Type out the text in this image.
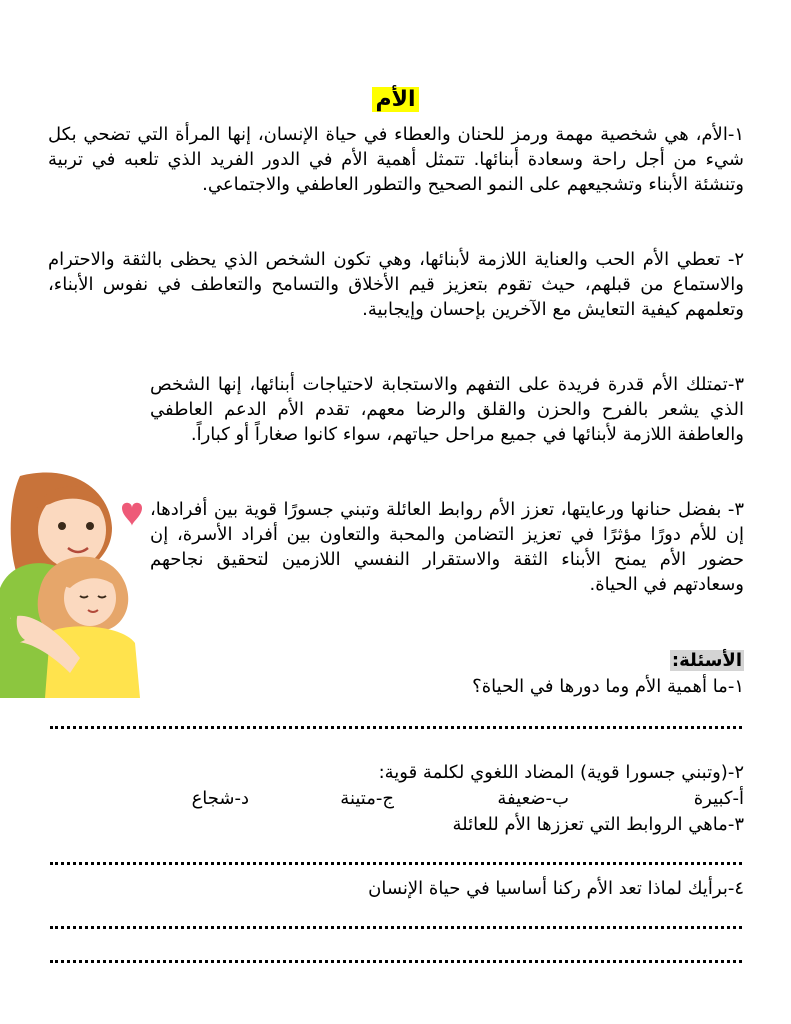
الأم

١-الأم، هي شخصية مهمة ورمز للحنان والعطاء في حياة الإنسان، إنها المرأة التي تضحي بكل شيء من أجل راحة وسعادة أبنائها. تتمثل أهمية الأم في الدور الفريد الذي تلعبه في تربية وتنشئة الأبناء وتشجيعهم على النمو الصحيح والتطور العاطفي والاجتماعي.

٢- تعطي الأم الحب والعناية اللازمة لأبنائها، وهي تكون الشخص الذي يحظى بالثقة والاحترام والاستماع من قبلهم، حيث تقوم بتعزيز قيم الأخلاق والتسامح والتعاطف في نفوس الأبناء، وتعلمهم كيفية التعايش مع الآخرين بإحسان وإيجابية.

٣-تمتلك الأم قدرة فريدة على التفهم والاستجابة لاحتياجات أبنائها، إنها الشخص الذي يشعر بالفرح والحزن والقلق والرضا معهم، تقدم الأم الدعم العاطفي والعاطفة اللازمة لأبنائها في جميع مراحل حياتهم، سواء كانوا صغاراً أو كباراً.

٣- بفضل حنانها ورعايتها، تعزز الأم روابط العائلة وتبني جسورًا قوية بين أفرادها، إن للأم دورًا مؤثرًا في تعزيز التضامن والمحبة والتعاون بين أفراد الأسرة، إن حضور الأم يمنح الأبناء الثقة والاستقرار النفسي اللازمين لتحقيق نجاحهم وسعادتهم في الحياة.

الأسئلة:
١-ما أهمية الأم وما دورها في الحياة؟
٢-(وتبني جسورا قوية) المضاد اللغوي لكلمة قوية:
أ-كبيرة
ب-ضعيفة
ج-متينة
د-شجاع
٣-ماهي الروابط التي تعززها الأم للعائلة
٤-برأيك لماذا تعد الأم ركنا أساسيا في حياة الإنسان
